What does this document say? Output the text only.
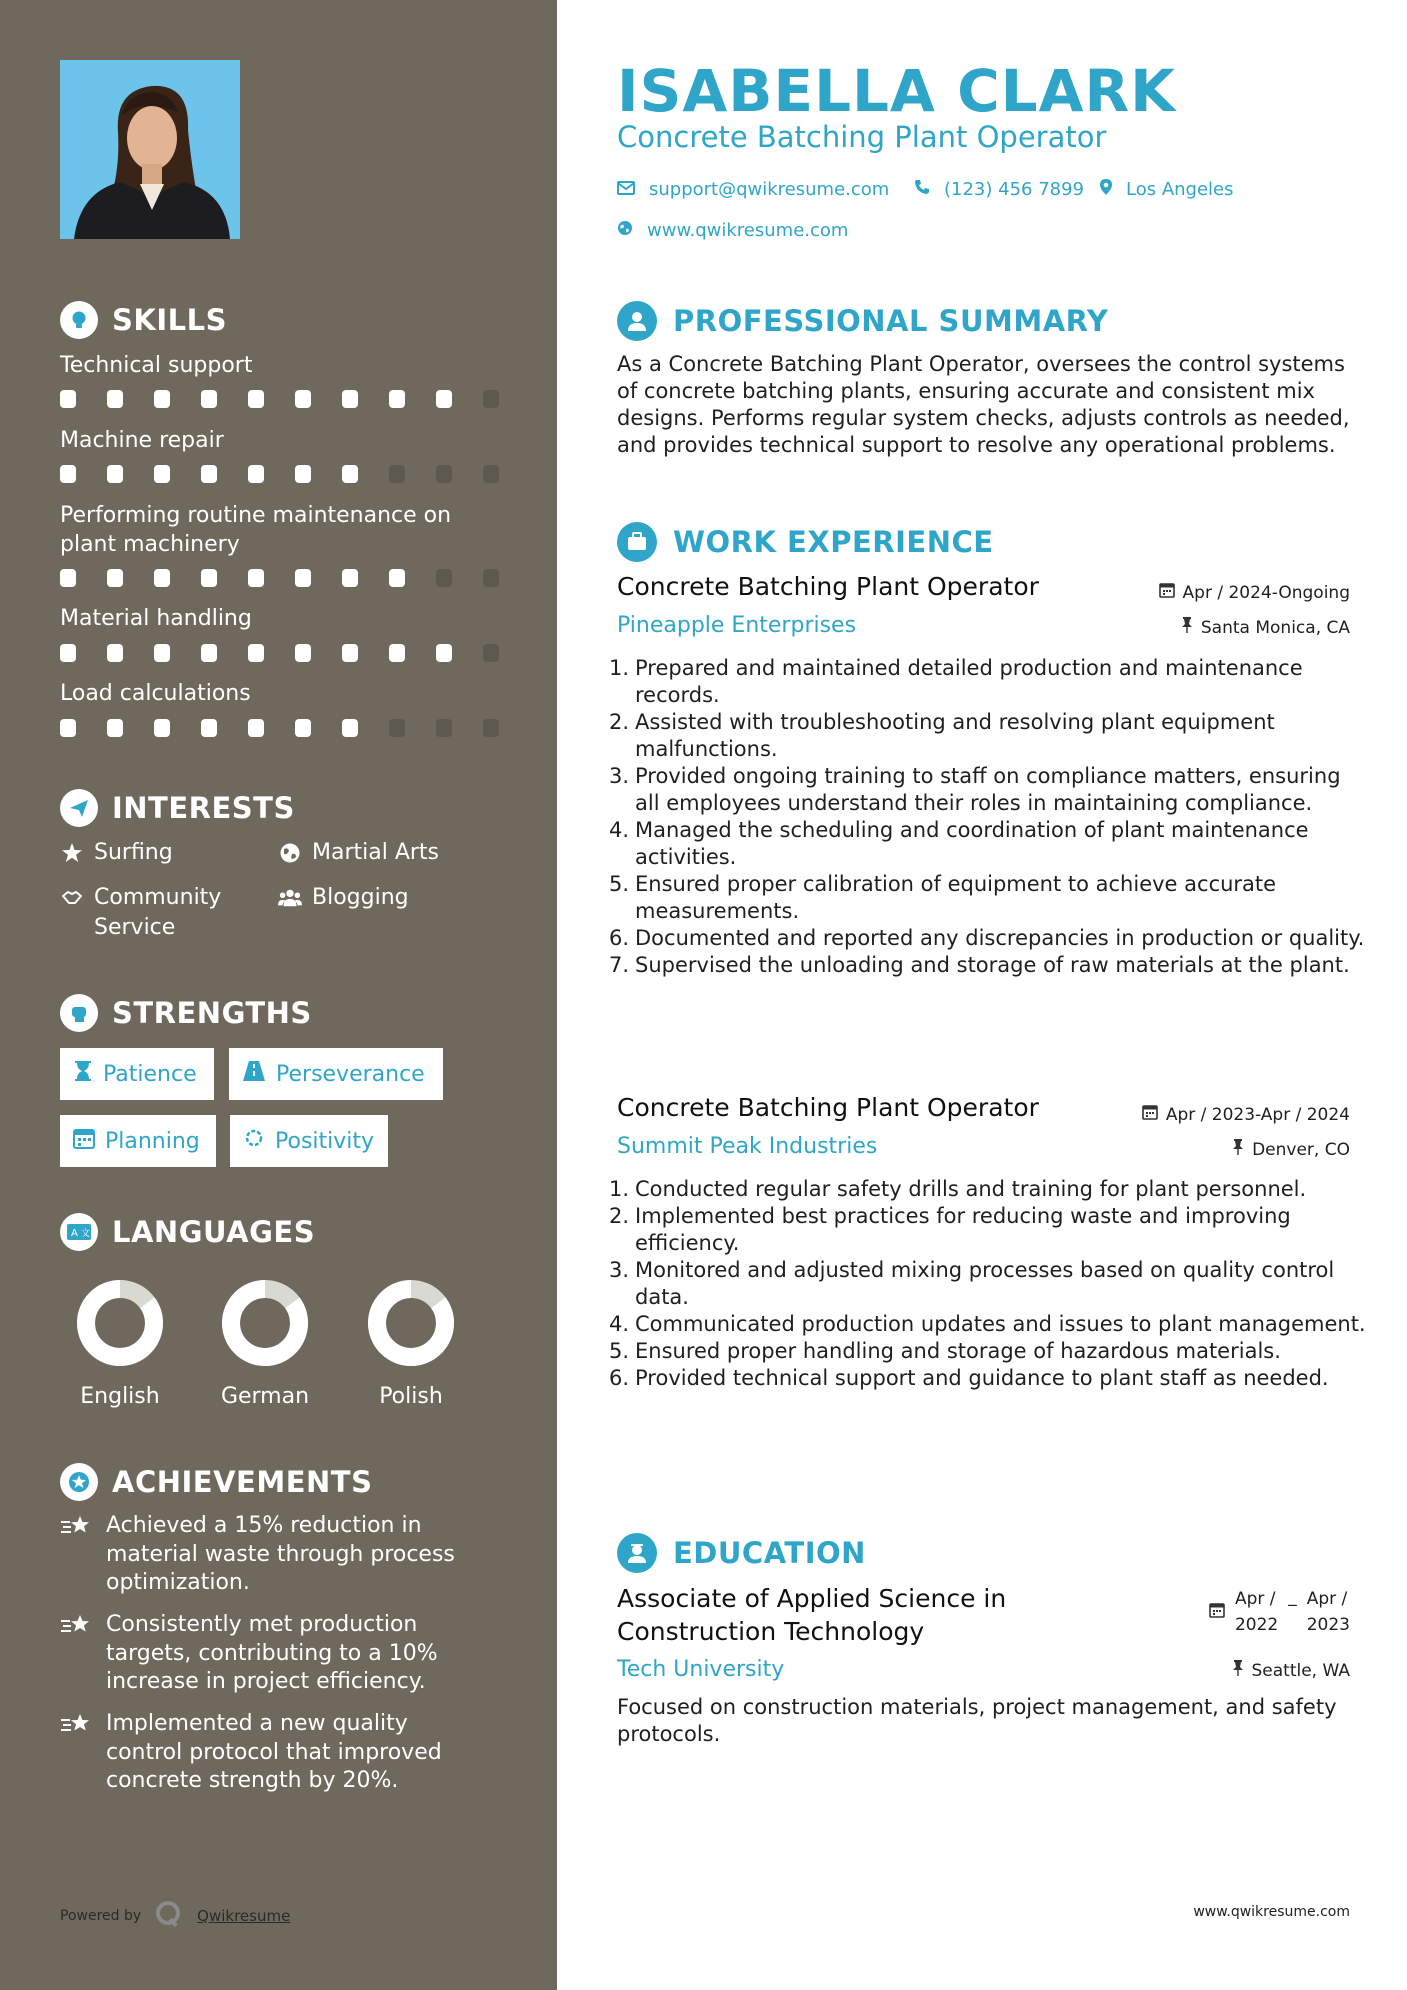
SKILLS
Technical support
Machine repair
Performing routine maintenance on plant machinery
Material handling
Load calculations
INTERESTS
Surfing	Martial Arts
Community Service
Blogging
STRENGTHS
Patience	Perseverance
Planning	Positivity
A 文 LANGUAGES
English	German	Polish
ACHIEVEMENTS
Achieved a 15% reduction in material waste through process optimization.
Consistently met production targets, contributing to a 10% increase in project efficiency.
Implemented a new quality control protocol that improved concrete strength by 20%.
Powered by	Qwikresume
ISABELLA CLARK
Concrete Batching Plant Operator
support@qwikresume.com	(123) 456 7899 Los Angeles
www.qwikresume.com
PROFESSIONAL SUMMARY
As a Concrete Batching Plant Operator, oversees the control systems of concrete batching plants, ensuring accurate and consistent mix designs. Performs regular system checks, adjusts controls as needed, and provides technical support to resolve any operational problems.
WORK EXPERIENCE
Concrete Batching Plant Operator	Apr / 2024-Ongoing
Pineapple Enterprises	Santa Monica, CA
1. Prepared and maintained detailed production and maintenance records.
2. Assisted with troubleshooting and resolving plant equipment malfunctions.
3. Provided ongoing training to staff on compliance matters, ensuring all employees understand their roles in maintaining compliance.
4. Managed the scheduling and coordination of plant maintenance activities.
5. Ensured proper calibration of equipment to achieve accurate measurements.
6. Documented and reported any discrepancies in production or quality.
7. Supervised the unloading and storage of raw materials at the plant.
Concrete Batching Plant Operator	Apr / 2023-Apr / 2024
Summit Peak Industries	Denver, CO
1. Conducted regular safety drills and training for plant personnel.
2. Implemented best practices for reducing waste and improving efficiency.
3. Monitored and adjusted mixing processes based on quality control data.
4. Communicated production updates and issues to plant management.
5. Ensured proper handling and storage of hazardous materials.
6. Provided technical support and guidance to plant staff as needed.
EDUCATION
Associate of Applied Science in Construction Technology
Apr /
2022
_ Apr /
2023
Tech University	Seattle, WA
Focused on construction materials, project management, and safety protocols.
www.qwikresume.com
